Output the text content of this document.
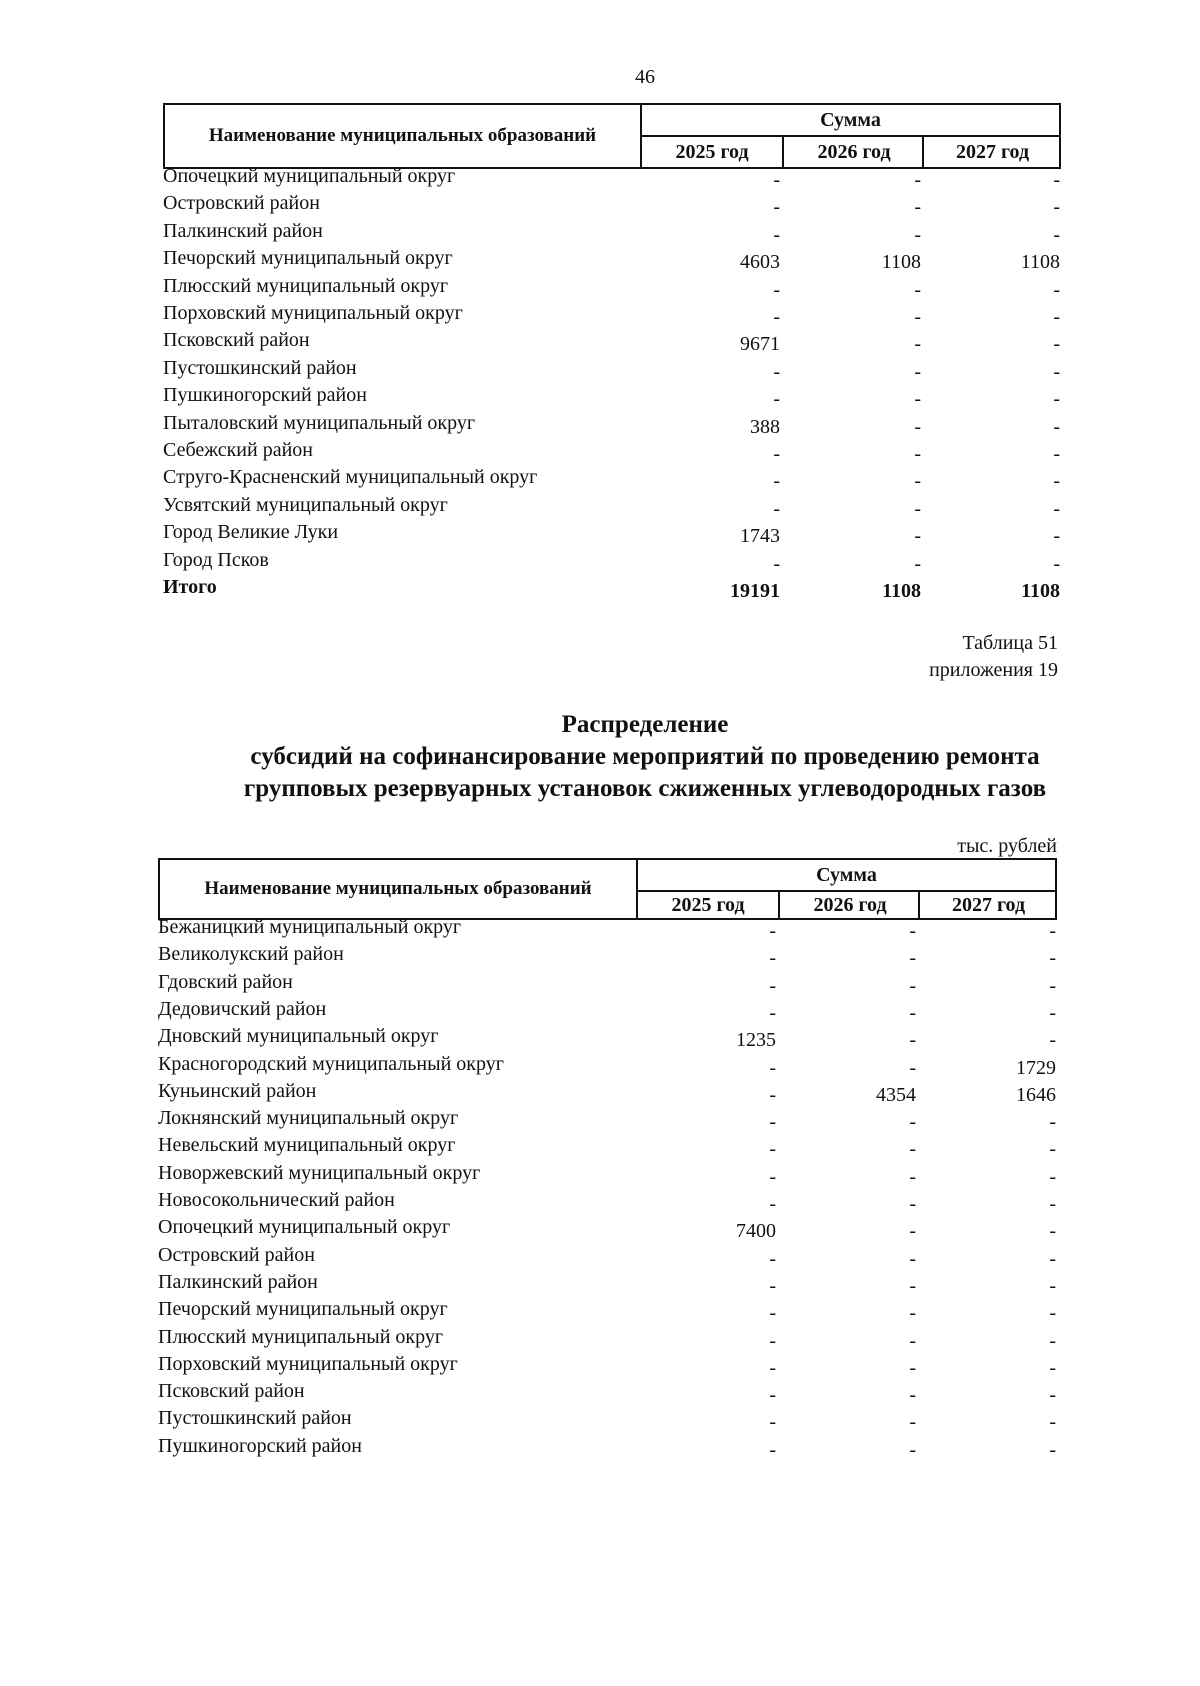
46
Наименование муниципальных образований
Сумма
2025 год	2026 год	2027 год
Опочецкий муниципальный округ	-	-	-
Островский район	-	-	-
Палкинский район	-	-	-
Печорский муниципальный округ	4603	1108	1108
Плюсский муниципальный округ	-	-	-
Порховский муниципальный округ	-	-	-
Псковский район	9671	-	-
Пустошкинский район	-	-	-
Пушкиногорский район	-	-	-
Пыталовский муниципальный округ	388	-	-
Себежский район	-	-	-
Струго-Красненский муниципальный округ	-	-	-
Усвятский муниципальный округ	-	-	-
Город Великие Луки	1743	-	-
Город Псков	-	-	-
Итого	19191	1108	1108
Таблица 51
приложения 19
Распределение
субсидий на софинансирование мероприятий по проведению ремонта
групповых резервуарных установок сжиженных углеводородных газов
тыс. рублей
Наименование муниципальных образований
Сумма
2025 год	2026 год	2027 год
Бежаницкий муниципальный округ	-	-	-
Великолукский район	-	-	-
Гдовский район	-	-	-
Дедовичский район	-	-	-
Дновский муниципальный округ	1235	-	-
Красногородский муниципальный округ	-	-	1729
Куньинский район	-	4354	1646
Локнянский муниципальный округ	-	-	-
Невельский муниципальный округ	-	-	-
Новоржевский муниципальный округ	-	-	-
Новосокольнический район	-	-	-
Опочецкий муниципальный округ	7400	-	-
Островский район	-	-	-
Палкинский район	-	-	-
Печорский муниципальный округ	-	-	-
Плюсский муниципальный округ	-	-	-
Порховский муниципальный округ	-	-	-
Псковский район	-	-	-
Пустошкинский район	-	-	-
Пушкиногорский район	-	-	-
